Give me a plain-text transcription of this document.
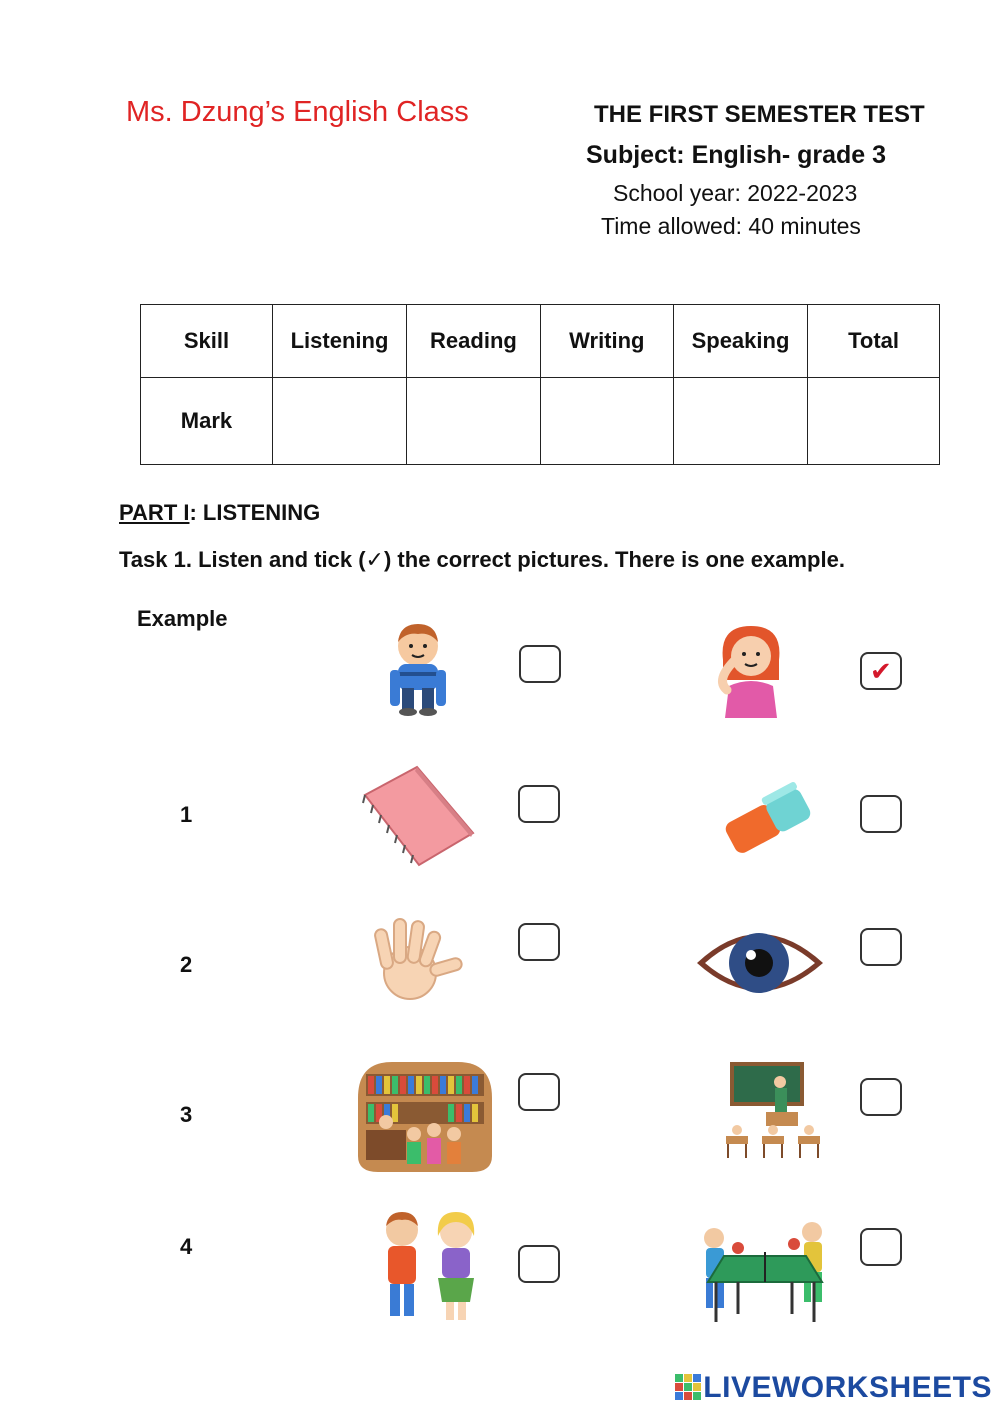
Ms. Dzung’s English Class	THE FIRST SEMESTER TEST
Subject: English- grade 3
School year: 2022-2023
Time allowed: 40 minutes
Skill	Listening	Reading	Writing	Speaking	Total
Mark					
PART I: LISTENING
Task 1. Listen and tick (✓) the correct pictures. There is one example.
Example
1
2
3
4
✔
LIVEWORKSHEETS
